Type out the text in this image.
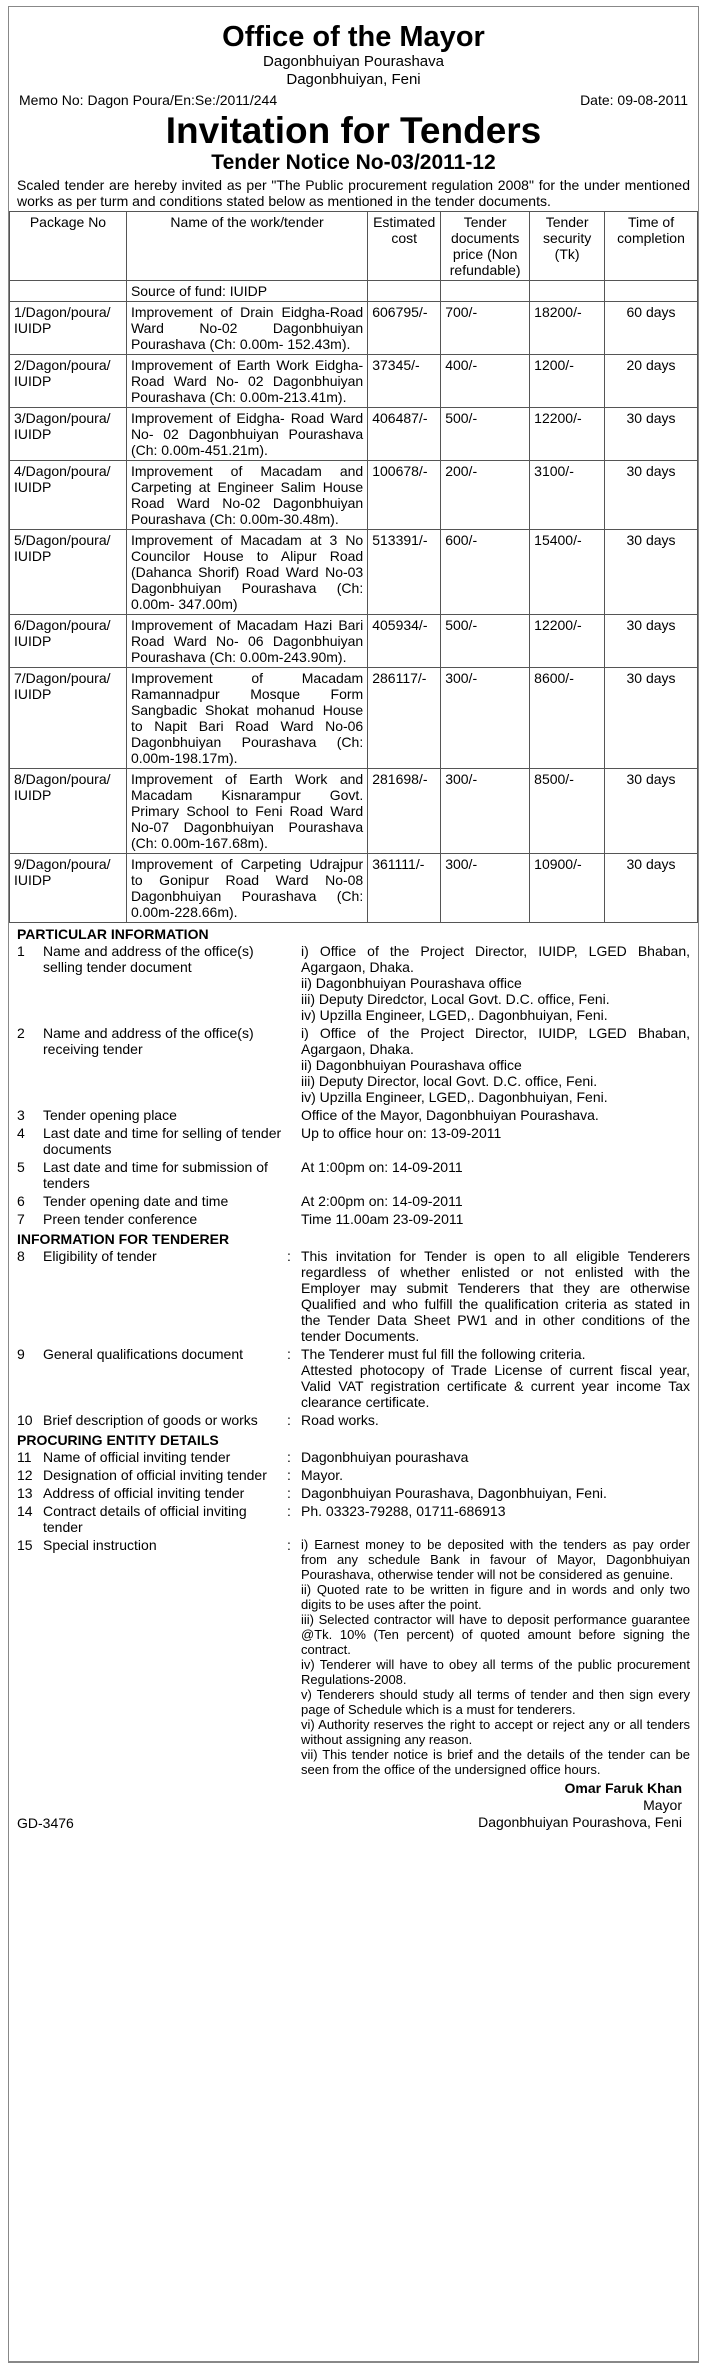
Office of the Mayor
Dagonbhuiyan Pourashava
Dagonbhuiyan, Feni
Memo No: Dagon Poura/En:Se:/2011/244	Date: 09-08-2011
Invitation for Tenders
Tender Notice No-03/2011-12
Scaled tender are hereby invited as per "The Public procurement regulation 2008" for the under mentioned works as per turm and conditions stated below as mentioned in the tender documents.
Package No	Name of the work/tender	Estimated cost	Tender documents price (Non refundable)	Tender security (Tk)	Time of completion
	Source of fund: IUIDP				
1/Dagon/poura/ IUIDP	Improvement of Drain Eidgha-Road Ward No-02 Dagonbhuiyan Pourashava (Ch: 0.00m- 152.43m).	606795/-	700/-	18200/-	60 days
2/Dagon/poura/ IUIDP	Improvement of Earth Work Eidgha- Road Ward No- 02 Dagonbhuiyan Pourashava (Ch: 0.00m-213.41m).	37345/-	400/-	1200/-	20 days
3/Dagon/poura/ IUIDP	Improvement of Eidgha- Road Ward No- 02 Dagonbhuiyan Pourashava (Ch: 0.00m-451.21m).	406487/-	500/-	12200/-	30 days
4/Dagon/poura/ IUIDP	Improvement of Macadam and Carpeting at Engineer Salim House Road Ward No-02 Dagonbhuiyan Pourashava (Ch: 0.00m-30.48m).	100678/-	200/-	3100/-	30 days
5/Dagon/poura/ IUIDP	Improvement of Macadam at 3 No Councilor House to Alipur Road (Dahanca Shorif) Road Ward No-03 Dagonbhuiyan Pourashava (Ch: 0.00m- 347.00m)	513391/-	600/-	15400/-	30 days
6/Dagon/poura/ IUIDP	Improvement of Macadam Hazi Bari Road Ward No- 06 Dagonbhuiyan Pourashava (Ch: 0.00m-243.90m).	405934/-	500/-	12200/-	30 days
7/Dagon/poura/ IUIDP	Improvement of Macadam Ramannadpur Mosque Form Sangbadic Shokat mohanud House to Napit Bari Road Ward No-06 Dagonbhuiyan Pourashava (Ch: 0.00m-198.17m).	286117/-	300/-	8600/-	30 days
8/Dagon/poura/ IUIDP	Improvement of Earth Work and Macadam Kisnarampur Govt. Primary School to Feni Road Ward No-07 Dagonbhuiyan Pourashava (Ch: 0.00m-167.68m).	281698/-	300/-	8500/-	30 days
9/Dagon/poura/ IUIDP	Improvement of Carpeting Udrajpur to Gonipur Road Ward No-08 Dagonbhuiyan Pourashava (Ch: 0.00m-228.66m).	361111/-	300/-	10900/-	30 days
PARTICULAR INFORMATION
1	Name and address of the office(s) selling tender document
i) Office of the Project Director, IUIDP, LGED Bhaban, Agargaon, Dhaka.
ii) Dagonbhuiyan Pourashava office
iii) Deputy Diredctor, Local Govt. D.C. office, Feni.
iv) Upzilla Engineer, LGED,. Dagonbhuiyan, Feni.
2	Name and address of the office(s) receiving tender
i) Office of the Project Director, IUIDP, LGED Bhaban, Agargaon, Dhaka.
ii) Dagonbhuiyan Pourashava office
iii) Deputy Director, local Govt. D.C. office, Feni.
iv) Upzilla Engineer, LGED,. Dagonbhuiyan, Feni.
3	Tender opening place	Office of the Mayor, Dagonbhuiyan Pourashava.
4	Last date and time for selling of tender documents
Up to office hour on: 13-09-2011
5	Last date and time for submission of tenders
At 1:00pm on: 14-09-2011
6	Tender opening date and time	At 2:00pm on: 14-09-2011
7	Preen tender conference	Time 11.00am 23-09-2011
INFORMATION FOR TENDERER
8	Eligibility of tender	: This invitation for Tender is open to all eligible Tenderers regardless of whether enlisted or not enlisted with the Employer may submit Tenderers that they are otherwise Qualified and who fulfill the qualification criteria as stated in the Tender Data Sheet PW1 and in other conditions of the tender Documents.
9	General qualifications document	: The Tenderer must ful fill the following criteria.
Attested photocopy of Trade License of current fiscal year, Valid VAT registration certificate & current year income Tax clearance certificate.
10 Brief description of goods or works	: Road works.
PROCURING ENTITY DETAILS
11 Name of official inviting tender	: Dagonbhuiyan pourashava
12 Designation of official inviting tender	: Mayor.
13 Address of official inviting tender	: Dagonbhuiyan Pourashava, Dagonbhuiyan, Feni.
14 Contract details of official inviting tender
: Ph. 03323-79288, 01711-686913
15 Special instruction	: i) Earnest money to be deposited with the tenders as pay order from any schedule Bank in favour of Mayor, Dagonbhuiyan Pourashava, otherwise tender will not be considered as genuine.
ii) Quoted rate to be written in figure and in words and only two digits to be uses after the point.
iii) Selected contractor will have to deposit performance guarantee @Tk. 10% (Ten percent) of quoted amount before signing the contract.
iv) Tenderer will have to obey all terms of the public procurement Regulations-2008.
v) Tenderers should study all terms of tender and then sign every page of Schedule which is a must for tenderers.
vi) Authority reserves the right to accept or reject any or all tenders without assigning any reason.
vii) This tender notice is brief and the details of the tender can be seen from the office of the undersigned office hours.
GD-3476
Omar Faruk Khan
Mayor
Dagonbhuiyan Pourashova, Feni
